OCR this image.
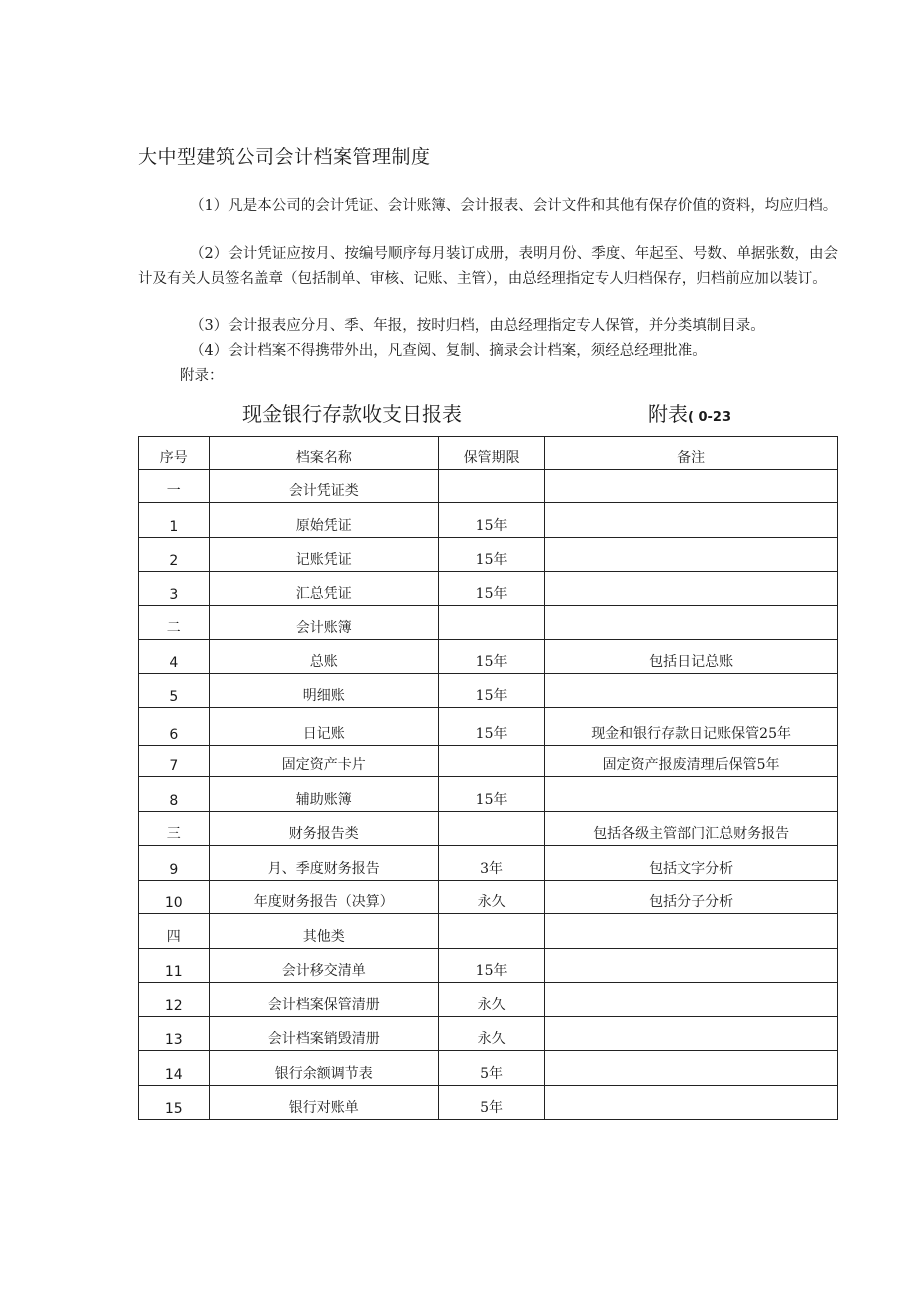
大中型建筑公司会计档案管理制度
（1）凡是本公司的会计凭证、会计账簿、会计报表、会计文件和其他有保存价值的资料，均应归档。
（2）会计凭证应按月、按编号顺序每月装订成册，表明月份、季度、年起至、号数、单据张数，由会计及有关人员签名盖章（包括制单、审核、记账、主管），由总经理指定专人归档保存，归档前应加以装订。
（3）会计报表应分月、季、年报，按时归档，由总经理指定专人保管，并分类填制目录。
（4）会计档案不得携带外出，凡查阅、复制、摘录会计档案，须经总经理批准。
附录：
现金银行存款收支日报表	附表( 0-23
序号	档案名称	保管期限	备注
一	会计凭证类		
1	原始凭证	15年	
2	记账凭证	15年	
3	汇总凭证	15年	
二	会计账簿		
4	总账	15年	包括日记总账
5	明细账	15年	
6	日记账	15年	现金和银行存款日记账保管25年
7	固定资产卡片		固定资产报废清理后保管5年
8	辅助账簿	15年	
三	财务报告类		包括各级主管部门汇总财务报告
9	月、季度财务报告	3年	包括文字分析
10	年度财务报告（决算）	永久	包括分子分析
四	其他类		
11	会计移交清单	15年	
12	会计档案保管清册	永久	
13	会计档案销毁清册	永久	
14	银行余额调节表	5年	
15	银行对账单	5年	
